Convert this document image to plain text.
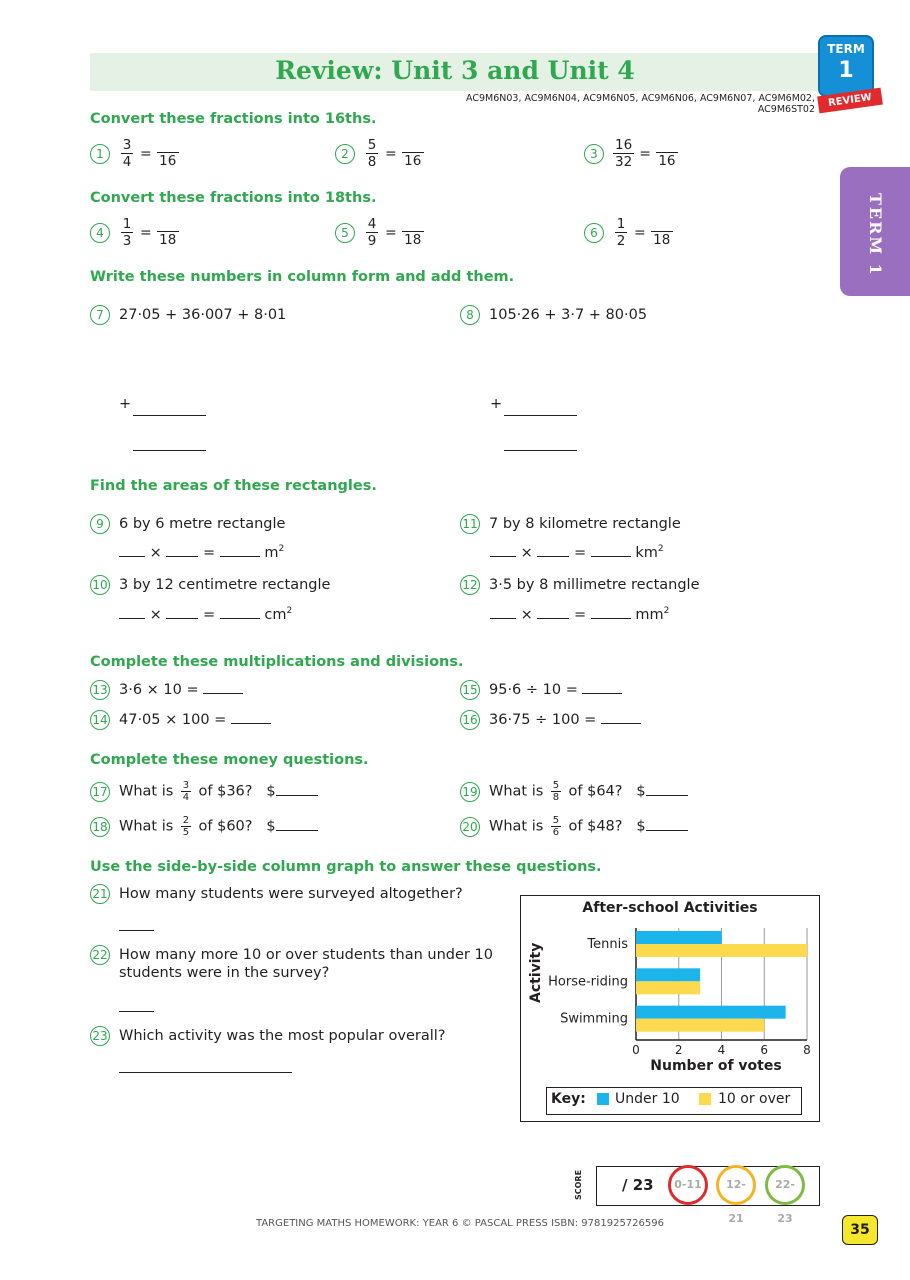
Review: Unit 3 and Unit 4
AC9M6N03, AC9M6N04, AC9M6N05, AC9M6N06, AC9M6N07, AC9M6M02, AC9M6ST02
TERM
1
REVIEW
TERM 1
Convert these fractions into 16ths.
$1 \frac{3}{4} = 16$	$2 \frac{5}{8} = 16$	$3 \frac{16}{32} = 16$
Convert these fractions into 18ths.
$4 \frac{1}{3} = 18$	$5 \frac{4}{9} = 18$	$6 \frac{1}{2} = 18$
Write these numbers in column form and add them.
7 27·05 + 36·007 + 8·01	8 105·26 + 3·7 + 80·05
+	+
Find the areas of these rectangles.
9 6 by 6 metre rectangle
×	=	$m^2$
11 7 by 8 kilometre rectangle
×	=	$km^2$
10 3 by 12 centimetre rectangle
×	=	$cm^2$
12 3·5 by 8 millimetre rectangle
×	=	$mm^2$
Complete these multiplications and divisions.
13 3·6 × 10 =	15 95·6 ÷ 10 =
14 47·05 × 100 =	16 36·75 ÷ 100 =
Complete these money questions.
17 What is $\frac{3}{4}$ of $36? $	19 What is $\frac{5}{8}$ of $64? $
18 What is $\frac{2}{5}$ of $60? $	20 What is $\frac{5}{6}$ of $48? $
Use the side-by-side column graph to answer these questions.
21 How many students were surveyed altogether?
22 How many more 10 or over students than under 10
students were in the survey?
23 Which activity was the most popular overall?
After-school Activities
0	2	4	6	8
Tennis
Horse-riding
Swimming
Activity
Number of votes
Key: Under 10	10 or over
SCORE	/ 23	0-11	12-21
22-23
TARGETING MATHS HOMEWORK: YEAR 6 © PASCAL PRESS ISBN: 9781925726596	35
